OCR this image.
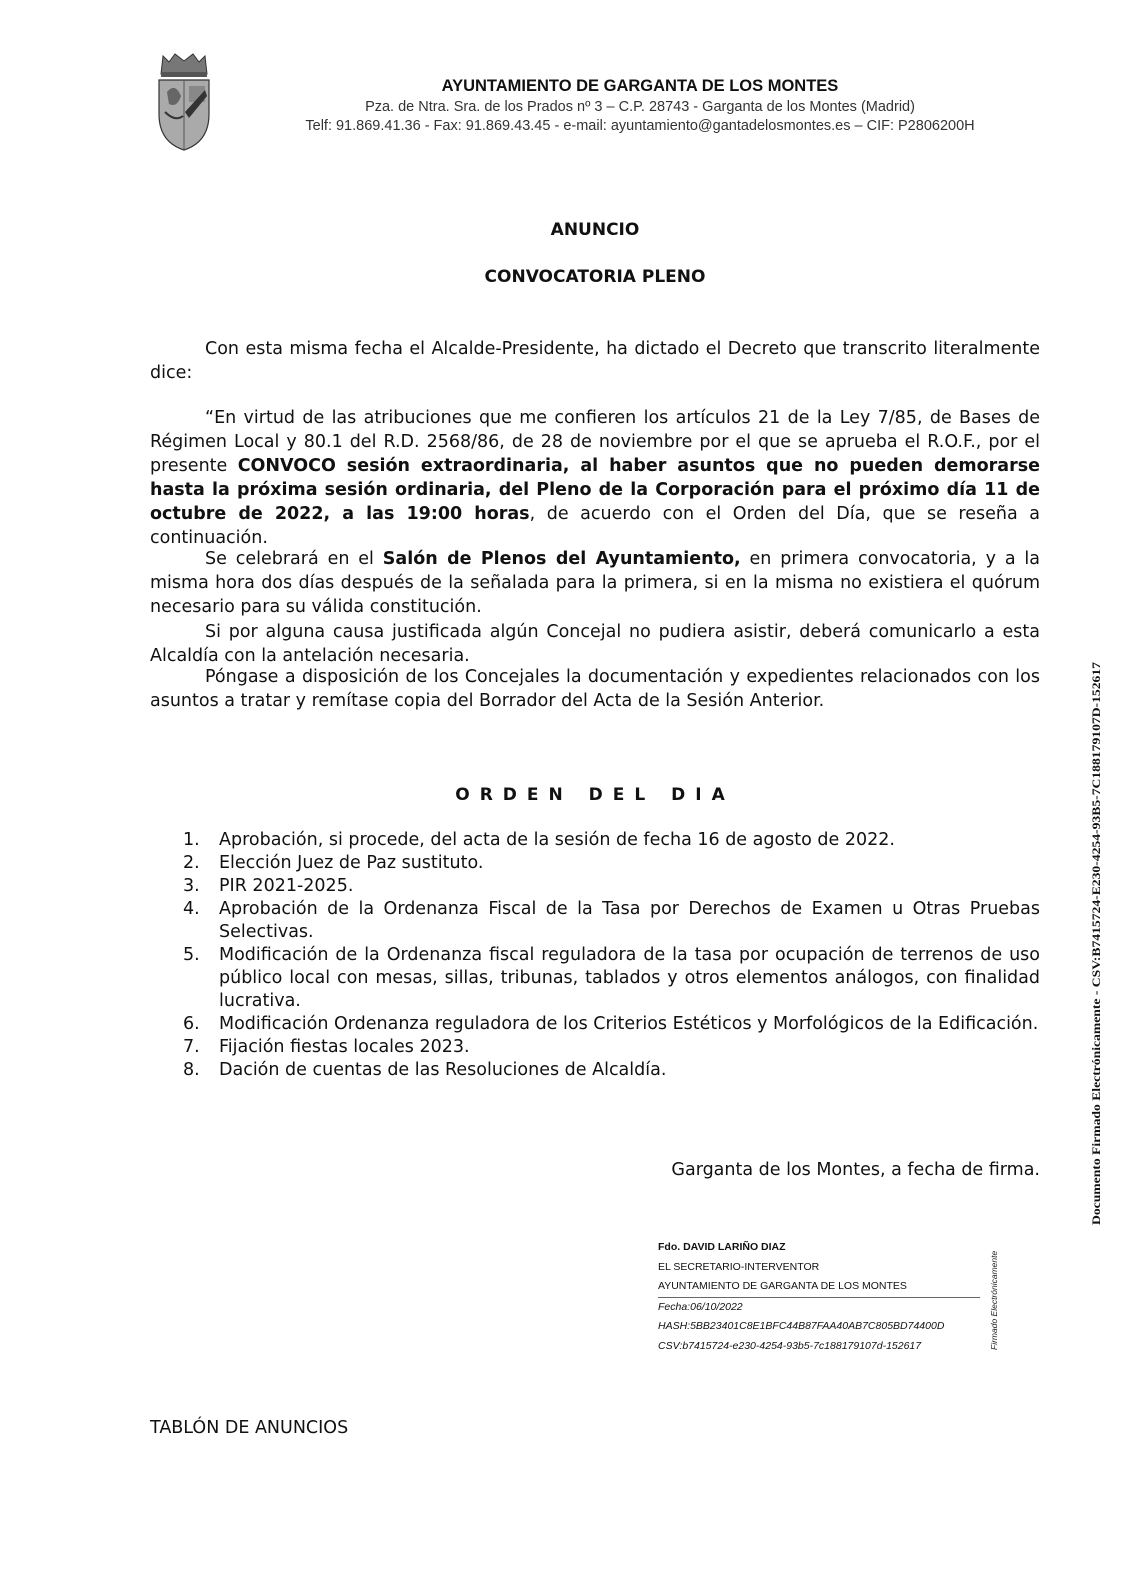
AYUNTAMIENTO DE GARGANTA DE LOS MONTES
Pza. de Ntra. Sra. de los Prados nº 3 – C.P. 28743 - Garganta de los Montes (Madrid)
Telf: 91.869.41.36 - Fax: 91.869.43.45 - e-mail: ayuntamiento@gantadelosmontes.es – CIF: P2806200H
ANUNCIO
CONVOCATORIA PLENO

Con esta misma fecha el Alcalde-Presidente, ha dictado el Decreto que transcrito literalmente dice:

“En virtud de las atribuciones que me confieren los artículos 21 de la Ley 7/85, de Bases de Régimen Local y 80.1 del R.D. 2568/86, de 28 de noviembre por el que se aprueba el R.O.F., por el presente CONVOCO sesión extraordinaria, al haber asuntos que no pueden demorarse hasta la próxima sesión ordinaria, del Pleno de la Corporación para el próximo día 11 de octubre de 2022, a las 19:00 horas, de acuerdo con el Orden del Día, que se reseña a continuación.

Se celebrará en el Salón de Plenos del Ayuntamiento, en primera convocatoria, y a la misma hora dos días después de la señalada para la primera, si en la misma no existiera el quórum necesario para su válida constitución.

Si por alguna causa justificada algún Concejal no pudiera asistir, deberá comunicarlo a esta Alcaldía con la antelación necesaria.

Póngase a disposición de los Concejales la documentación y expedientes relacionados con los asuntos a tratar y remítase copia del Borrador del Acta de la Sesión Anterior.

ORDEN DEL DIA
1.	Aprobación, si procede, del acta de la sesión de fecha 16 de agosto de 2022.
2.	Elección Juez de Paz sustituto.
3.	PIR 2021-2025.
4.	Aprobación de la Ordenanza Fiscal de la Tasa por Derechos de Examen u Otras Pruebas Selectivas.
5.	Modificación de la Ordenanza fiscal reguladora de la tasa por ocupación de terrenos de uso público local con mesas, sillas, tribunas, tablados y otros elementos análogos, con finalidad lucrativa.
6.	Modificación Ordenanza reguladora de los Criterios Estéticos y Morfológicos de la Edificación.
7.	Fijación fiestas locales 2023.
8.	Dación de cuentas de las Resoluciones de Alcaldía.
Garganta de los Montes, a fecha de firma.
Fdo. DAVID LARIÑO DIAZ
EL SECRETARIO-INTERVENTOR
AYUNTAMIENTO DE GARGANTA DE LOS MONTES
Fecha:06/10/2022
HASH:5BB23401C8E1BFC44B87FAA40AB7C805BD74400D
CSV:b7415724-e230-4254-93b5-7c188179107d-152617	Firmado Electrónicamente
Documento Firmado Electrónicamente - CSV:B7415724-E230-4254-93B5-7C188179107D-152617
TABLÓN DE ANUNCIOS
